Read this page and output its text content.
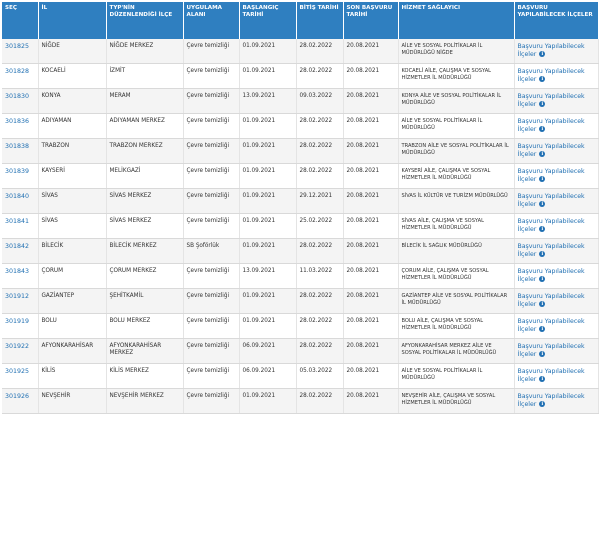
SEÇ	İL	TYP'NİN DÜZENLENDİĞİ İLÇE	UYGULAMA ALANI	BAŞLANGIÇ TARİHİ	BİTİŞ TARİHİ	SON BAŞVURU TARİHİ	HİZMET SAĞLAYICI	BAŞVURU YAPILABİLECEK İLÇELER
301825	NİĞDE	NİĞDE MERKEZ	Çevre temizliği	01.09.2021	28.02.2022	20.08.2021	AİLE VE SOSYAL POLİTİKALAR İL MÜDÜRLÜĞÜ NİĞDE	Başvuru Yapılabilecek İlçeler i
301828	KOCAELİ	İZMİT	Çevre temizliği	01.09.2021	28.02.2022	20.08.2021	KOCAELİ AİLE, ÇALIŞMA VE SOSYAL HİZMETLER İL MÜDÜRLÜĞÜ	Başvuru Yapılabilecek İlçeler i
301830	KONYA	MERAM	Çevre temizliği	13.09.2021	09.03.2022	20.08.2021	KONYA AİLE VE SOSYAL POLİTİKALAR İL MÜDÜRLÜĞÜ	Başvuru Yapılabilecek İlçeler i
301836	ADIYAMAN	ADIYAMAN MERKEZ	Çevre temizliği	01.09.2021	28.02.2022	20.08.2021	AİLE VE SOSYAL POLİTİKALAR İL MÜDÜRLÜĞÜ	Başvuru Yapılabilecek İlçeler i
301838	TRABZON	TRABZON MERKEZ	Çevre temizliği	01.09.2021	28.02.2022	20.08.2021	TRABZON AİLE VE SOSYAL POLİTİKALAR İL MÜDÜRLÜĞÜ	Başvuru Yapılabilecek İlçeler i
301839	KAYSERİ	MELİKGAZİ	Çevre temizliği	01.09.2021	28.02.2022	20.08.2021	KAYSERİ AİLE, ÇALIŞMA VE SOSYAL HİZMETLER İL MÜDÜRLÜĞÜ	Başvuru Yapılabilecek İlçeler i
301840	SİVAS	SİVAS MERKEZ	Çevre temizliği	01.09.2021	29.12.2021	20.08.2021	SİVAS İL KÜLTÜR VE TURİZM MÜDÜRLÜĞÜ	Başvuru Yapılabilecek İlçeler i
301841	SİVAS	SİVAS MERKEZ	Çevre temizliği	01.09.2021	25.02.2022	20.08.2021	SİVAS AİLE, ÇALIŞMA VE SOSYAL HİZMETLER İL MÜDÜRLÜĞÜ	Başvuru Yapılabilecek İlçeler i
301842	BİLECİK	BİLECİK MERKEZ	SB Şoförlük	01.09.2021	28.02.2022	20.08.2021	BİLECİK İL SAĞLIK MÜDÜRLÜĞÜ	Başvuru Yapılabilecek İlçeler i
301843	ÇORUM	ÇORUM MERKEZ	Çevre temizliği	13.09.2021	11.03.2022	20.08.2021	ÇORUM AİLE, ÇALIŞMA VE SOSYAL HİZMETLER İL MÜDÜRLÜĞÜ	Başvuru Yapılabilecek İlçeler i
301912	GAZİANTEP	ŞEHİTKAMİL	Çevre temizliği	01.09.2021	28.02.2022	20.08.2021	GAZİANTEP AİLE VE SOSYAL POLİTİKALAR İL MÜDÜRLÜĞÜ	Başvuru Yapılabilecek İlçeler i
301919	BOLU	BOLU MERKEZ	Çevre temizliği	01.09.2021	28.02.2022	20.08.2021	BOLU AİLE, ÇALIŞMA VE SOSYAL HİZMETLER İL MÜDÜRLÜĞÜ	Başvuru Yapılabilecek İlçeler i
301922	AFYONKARAHİSAR	AFYONKARAHİSAR MERKEZ	Çevre temizliği	06.09.2021	28.02.2022	20.08.2021	AFYONKARAHİSAR MERKEZ AİLE VE SOSYAL POLİTİKALAR İL MÜDÜRLÜĞÜ	Başvuru Yapılabilecek İlçeler i
301925	KİLİS	KİLİS MERKEZ	Çevre temizliği	06.09.2021	05.03.2022	20.08.2021	AİLE VE SOSYAL POLİTİKALAR İL MÜDÜRLÜĞÜ	Başvuru Yapılabilecek İlçeler i
301926	NEVŞEHİR	NEVŞEHİR MERKEZ	Çevre temizliği	01.09.2021	28.02.2022	20.08.2021	NEVŞEHİR AİLE, ÇALIŞMA VE SOSYAL HİZMETLER İL MÜDÜRLÜĞÜ	Başvuru Yapılabilecek İlçeler i
